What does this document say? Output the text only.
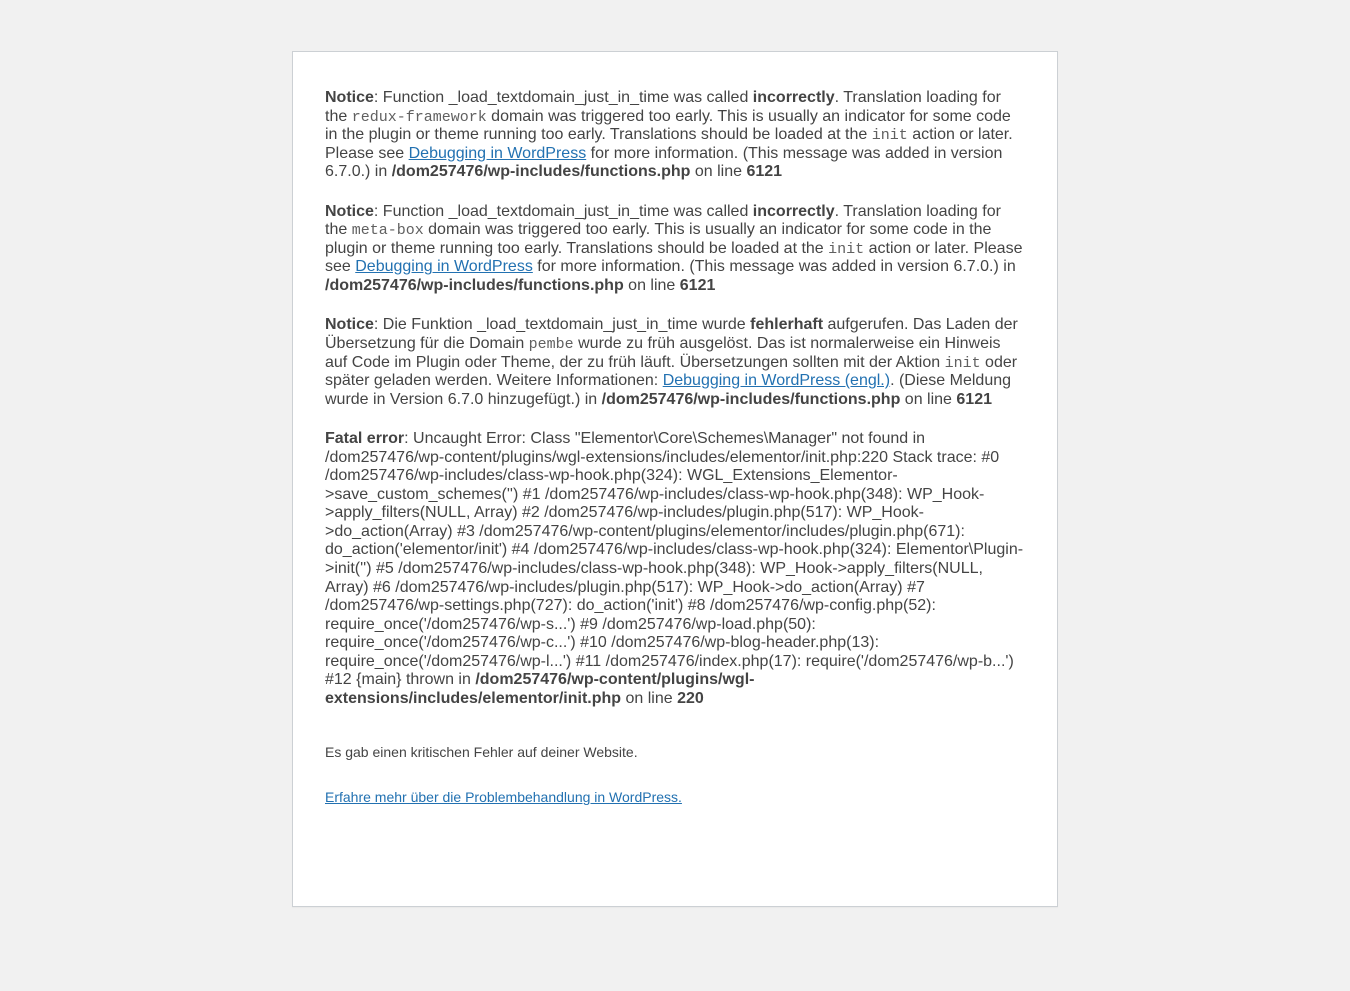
Notice: Function _load_textdomain_just_in_time was called incorrectly. Translation loading for the redux-framework domain was triggered too early. This is usually an indicator for some code in the plugin or theme running too early. Translations should be loaded at the init action or later. Please see Debugging in WordPress for more information. (This message was added in version 6.7.0.) in /dom257476/wp-includes/functions.php on line 6121

Notice: Function _load_textdomain_just_in_time was called incorrectly. Translation loading for the meta-box domain was triggered too early. This is usually an indicator for some code in the plugin or theme running too early. Translations should be loaded at the init action or later. Please see Debugging in WordPress for more information. (This message was added in version 6.7.0.) in /dom257476/wp-includes/functions.php on line 6121

Notice: Die Funktion _load_textdomain_just_in_time wurde fehlerhaft aufgerufen. Das Laden der Übersetzung für die Domain pembe wurde zu früh ausgelöst. Das ist normalerweise ein Hinweis auf Code im Plugin oder Theme, der zu früh läuft. Übersetzungen sollten mit der Aktion init oder später geladen werden. Weitere Informationen: Debugging in WordPress (engl.). (Diese Meldung wurde in Version 6.7.0 hinzugefügt.) in /dom257476/wp-includes/functions.php on line 6121

Fatal error: Uncaught Error: Class "Elementor\Core\Schemes\Manager" not found in /dom257476/wp-content/plugins/wgl-extensions/includes/elementor/init.php:220 Stack trace: #0 /dom257476/wp-includes/class-wp-hook.php(324): WGL_Extensions_Elementor->save_custom_schemes('') #1 /dom257476/wp-includes/class-wp-hook.php(348): WP_Hook->apply_filters(NULL, Array) #2 /dom257476/wp-includes/plugin.php(517): WP_Hook->do_action(Array) #3 /dom257476/wp-content/plugins/elementor/includes/plugin.php(671): do_action('elementor/init') #4 /dom257476/wp-includes/class-wp-hook.php(324): Elementor\Plugin->init('') #5 /dom257476/wp-includes/class-wp-hook.php(348): WP_Hook->apply_filters(NULL, Array) #6 /dom257476/wp-includes/plugin.php(517): WP_Hook->do_action(Array) #7 /dom257476/wp-settings.php(727): do_action('init') #8 /dom257476/wp-config.php(52): require_once('/dom257476/wp-s...') #9 /dom257476/wp-load.php(50): require_once('/dom257476/wp-c...') #10 /dom257476/wp-blog-header.php(13): require_once('/dom257476/wp-l...') #11 /dom257476/index.php(17): require('/dom257476/wp-b...') #12 {main} thrown in /dom257476/wp-content/plugins/wgl-extensions/includes/elementor/init.php on line 220

Es gab einen kritischen Fehler auf deiner Website.

Erfahre mehr über die Problembehandlung in WordPress.
